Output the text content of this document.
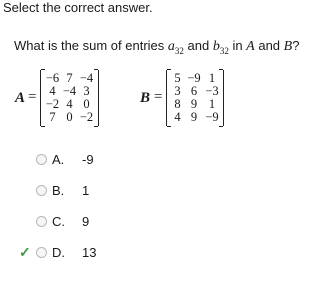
Select the correct answer.
What is the sum of entries $a_{32}$ and $b_{32}$ in A and B?
A =
−6 7 −4
4 −4 3
−2 4 0
7 0 −2
B =
5 −9 1
3 6 −3
8 9 1
4 9 −9
A. -9
B. 1
C. 9
✓ D. 13
